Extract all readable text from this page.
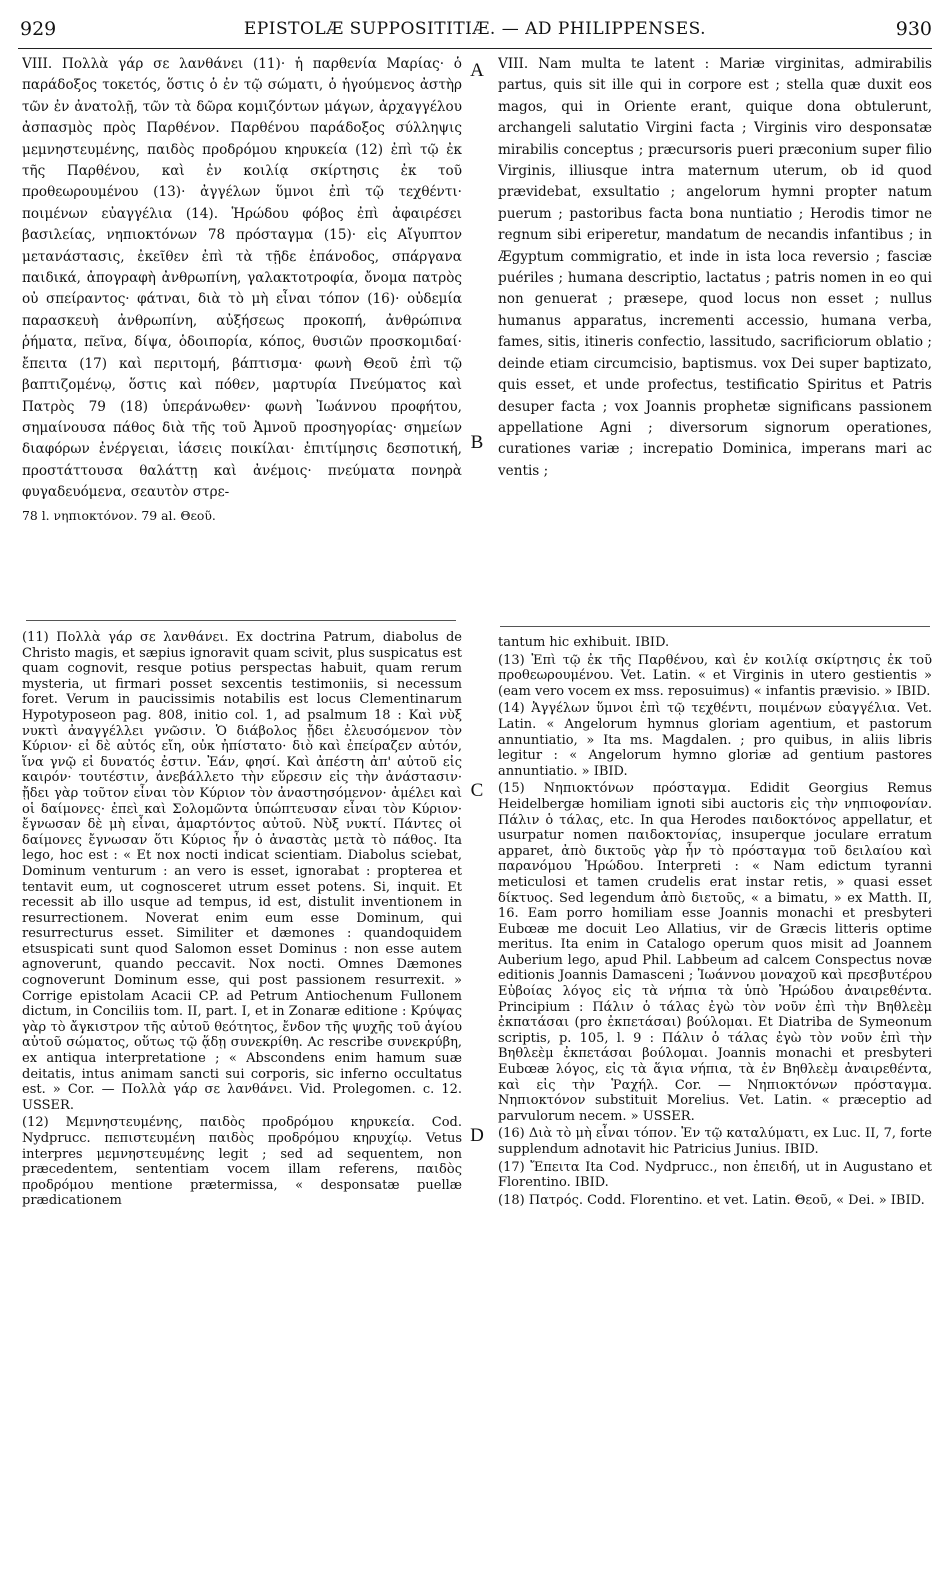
929	EPISTOLÆ SUPPOSITITIÆ. — AD PHILIPPENSES.	930

VIII. Πολλὰ γάρ σε λανθάνει (11)· ἡ παρθενία Μαρίας· ὁ παράδοξος τοκετός, ὅστις ὁ ἐν τῷ σώματι, ὁ ἡγούμενος ἀστὴρ τῶν ἐν ἀνατολῇ, τῶν τὰ δῶρα κομιζόντων μάγων, ἀρχαγγέλου ἀσπασμὸς πρὸς Παρθένον. Παρθένου παράδοξος σύλληψις μεμνηστευμένης, παιδὸς προδρόμου κηρυκεία (12) ἐπὶ τῷ ἐκ τῆς Παρθένου, καὶ ἐν κοιλίᾳ σκίρτησις ἐκ τοῦ προθεωρουμένου (13)· ἀγγέλων ὕμνοι ἐπὶ τῷ τεχθέντι· ποιμένων εὐαγγέλια (14). Ἡρώδου φόβος ἐπὶ ἀφαιρέσει βασιλείας, νηπιοκτόνων 78 πρόσταγμα (15)· εἰς Αἴγυπτον μετανάστασις, ἐκεῖθεν ἐπὶ τὰ τῇδε ἐπάνοδος, σπάργανα παιδικά, ἀπογραφὴ ἀνθρωπίνη, γαλακτοτροφία, ὄνομα πατρὸς οὐ σπείραντος· φάτναι, διὰ τὸ μὴ εἶναι τόπον (16)· οὐδεμία παρασκευὴ ἀνθρωπίνη, αὐξήσεως προκοπή, ἀνθρώπινα ῥήματα, πεῖνα, δίψα, ὁδοιπορία, κόπος, θυσιῶν προσκομιδαί· ἔπειτα (17) καὶ περιτομή, βάπτισμα· φωνὴ Θεοῦ ἐπὶ τῷ βαπτιζομένῳ, ὅστις καὶ πόθεν, μαρτυρία Πνεύματος καὶ Πατρὸς 79 (18) ὑπεράνωθεν· φωνὴ Ἰωάννου προφήτου, σημαίνουσα πάθος διὰ τῆς τοῦ Ἀμνοῦ προσηγορίας· σημείων διαφόρων ἐνέργειαι, ἰάσεις ποικίλαι· ἐπιτίμησις δεσποτική, προστάττουσα θαλάττῃ καὶ ἀνέμοις· πνεύματα πονηρὰ φυγαδευόμενα, σεαυτὸν στρε-

78 l. νηπιοκτόνον. 79 al. Θεοῦ.

VIII. Nam multa te latent : Mariæ virginitas, admirabilis partus, quis sit ille qui in corpore est ; stella quæ duxit eos magos, qui in Oriente erant, quique dona obtulerunt, archangeli salutatio Virgini facta ; Virginis viro desponsatæ mirabilis conceptus ; præcursoris pueri præconium super filio Virginis, illiusque intra maternum uterum, ob id quod prævidebat, exsultatio ; angelorum hymni propter natum puerum ; pastoribus facta bona nuntiatio ; Herodis timor ne regnum sibi eriperetur, mandatum de necandis infantibus ; in Ægyptum commigratio, et inde in ista loca reversio ; fasciæ puériles ; humana descriptio, lactatus ; patris nomen in eo qui non genuerat ; præsepe, quod locus non esset ; nullus humanus apparatus, incrementi accessio, humana verba, fames, sitis, itineris confectio, lassitudo, sacrificiorum oblatio ; deinde etiam circumcisio, baptismus. vox Dei super baptizato, quis esset, et unde profectus, testificatio Spiritus et Patris desuper facta ; vox Joannis prophetæ significans passionem appellatione Agni ; diversorum signorum operationes, curationes variæ ; increpatio Dominica, imperans mari ac ventis ;

A
B
C
D

(11) Πολλὰ γάρ σε λανθάνει. Ex doctrina Patrum, diabolus de Christo magis, et sæpius ignoravit quam scivit, plus suspicatus est quam cognovit, resque potius perspectas habuit, quam rerum mysteria, ut firmari posset sexcentis testimoniis, si necessum foret. Verum in paucissimis notabilis est locus Clementinarum Hypotyposeon pag. 808, initio col. 1, ad psalmum 18 : Καὶ νὺξ νυκτὶ ἀναγγέλλει γνῶσιν. Ὁ διάβολος ᾔδει ἐλευσόμενον τὸν Κύριον· εἰ δὲ αὐτός εἴη, οὐκ ἠπίστατο· διὸ καὶ ἐπείραζεν αὐτόν, ἵνα γνῷ εἰ δυνατός ἐστιν. Ἐάν, φησί. Καὶ ἀπέστη ἀπ' αὐτοῦ εἰς καιρόν· τουτέστιν, ἀνεβάλλετο τὴν εὕρεσιν εἰς τὴν ἀνάστασιν· ᾔδει γὰρ τοῦτον εἶναι τὸν Κύριον τὸν ἀναστησόμενον· ἀμέλει καὶ οἱ δαίμονες· ἐπεὶ καὶ Σολομῶντα ὑπώπτευσαν εἶναι τὸν Κύριον· ἔγνωσαν δὲ μὴ εἶναι, ἁμαρτόντος αὐτοῦ. Νὺξ νυκτί. Πάντες οἱ δαίμονες ἔγνωσαν ὅτι Κύριος ἦν ὁ ἀναστὰς μετὰ τὸ πάθος. Ita lego, hoc est : « Et nox nocti indicat scientiam. Diabolus sciebat, Dominum venturum : an vero is esset, ignorabat : propterea et tentavit eum, ut cognosceret utrum esset potens. Si, inquit. Et recessit ab illo usque ad tempus, id est, distulit inventionem in resurrectionem. Noverat enim eum esse Dominum, qui resurrecturus esset. Similiter et dæmones : quandoquidem etsuspicati sunt quod Salomon esset Dominus : non esse autem agnoverunt, quando peccavit. Nox nocti. Omnes Dæmones cognoverunt Dominum esse, qui post passionem resurrexit. » Corrige epistolam Acacii CP. ad Petrum Antiochenum Fullonem dictum, in Conciliis tom. II, part. I, et in Zonaræ editione : Κρύψας γὰρ τὸ ἄγκιστρον τῆς αὐτοῦ θεότητος, ἔνδον τῆς ψυχῆς τοῦ ἁγίου αὐτοῦ σώματος, οὕτως τῷ ᾅδῃ συνεκρίθη. Ac rescribe συνεκρύβη, ex antiqua interpretatione ; « Abscondens enim hamum suæ deitatis, intus animam sancti sui corporis, sic inferno occultatus est. » Cor. — Πολλὰ γάρ σε λανθάνει. Vid. Prolegomen. c. 12. USSER.

(12) Μεμνηστευμένης, παιδὸς προδρόμου κηρυκεία. Cod. Nydprucc. πεπιστευμένη παιδὸς προδρόμου κηρυχίῳ. Vetus interpres μεμνηστευμένης legit ; sed ad sequentem, non præcedentem, sententiam vocem illam referens, παιδὸς προδρόμου mentione prætermissa, « desponsatæ puellæ prædicationem

tantum hic exhibuit. IBID.

(13) Ἐπὶ τῷ ἐκ τῆς Παρθένου, καὶ ἐν κοιλίᾳ σκίρτησις ἐκ τοῦ προθεωρουμένου. Vet. Latin. « et Virginis in utero gestientis » (eam vero vocem ex mss. reposuimus) « infantis prævisio. » IBID.

(14) Ἀγγέλων ὕμνοι ἐπὶ τῷ τεχθέντι, ποιμένων εὐαγγέλια. Vet. Latin. « Angelorum hymnus gloriam agentium, et pastorum annuntiatio, » Ita ms. Magdalen. ; pro quibus, in aliis libris legitur : « Angelorum hymno gloriæ ad gentium pastores annuntiatio. » IBID.

(15) Νηπιοκτόνων πρόσταγμα. Edidit Georgius Remus Heidelbergæ homiliam ignoti sibi auctoris εἰς τὴν νηπιοφονίαν. Πάλιν ὁ τάλας, etc. In qua Herodes παιδοκτόνος appellatur, et usurpatur nomen παιδοκτονίας, insuperque joculare erratum apparet, ἀπὸ δικτοῦς γὰρ ἦν τὸ πρόσταγμα τοῦ δειλαίου καὶ παρανόμου Ἡρώδου. Interpreti : « Nam edictum tyranni meticulosi et tamen crudelis erat instar retis, » quasi esset δίκτυος. Sed legendum ἀπὸ διετοῦς, « a bimatu, » ex Matth. II, 16. Eam porro homiliam esse Joannis monachi et presbyteri Eubœæ me docuit Leo Allatius, vir de Græcis litteris optime meritus. Ita enim in Catalogo operum quos misit ad Joannem Auberium lego, apud Phil. Labbeum ad calcem Conspectus novæ editionis Joannis Damasceni ; Ἰωάννου μοναχοῦ καὶ πρεσβυτέρου Εὐβοίας λόγος εἰς τὰ νήπια τὰ ὑπὸ Ἡρώδου ἀναιρεθέντα. Principium : Πάλιν ὁ τάλας ἐγὼ τὸν νοῦν ἐπὶ τὴν Βηθλεὲμ ἐκπατάσαι (pro ἐκπετάσαι) βούλομαι. Et Diatriba de Symeonum scriptis, p. 105, l. 9 : Πάλιν ὁ τάλας ἐγὼ τὸν νοῦν ἐπὶ τὴν Βηθλεὲμ ἐκπετάσαι βούλομαι. Joannis monachi et presbyteri Eubœæ λόγος, εἰς τὰ ἅγια νήπια, τὰ ἐν Βηθλεὲμ ἀναιρεθέντα, καὶ εἰς τὴν Ῥαχήλ. Cor. — Νηπιοκτόνων πρόσταγμα. Νηπιοκτόνον substituit Morelius. Vet. Latin. « præceptio ad parvulorum necem. » USSER.

(16) Διὰ τὸ μὴ εἶναι τόπον. Ἐν τῷ καταλύματι, ex Luc. II, 7, forte supplendum adnotavit hic Patricius Junius. IBID.

(17) Ἔπειτα Ita Cod. Nydprucc., non ἐπειδή, ut in Augustano et Florentino. IBID.

(18) Πατρός. Codd. Florentino. et vet. Latin. Θεοῦ, « Dei. » IBID.
